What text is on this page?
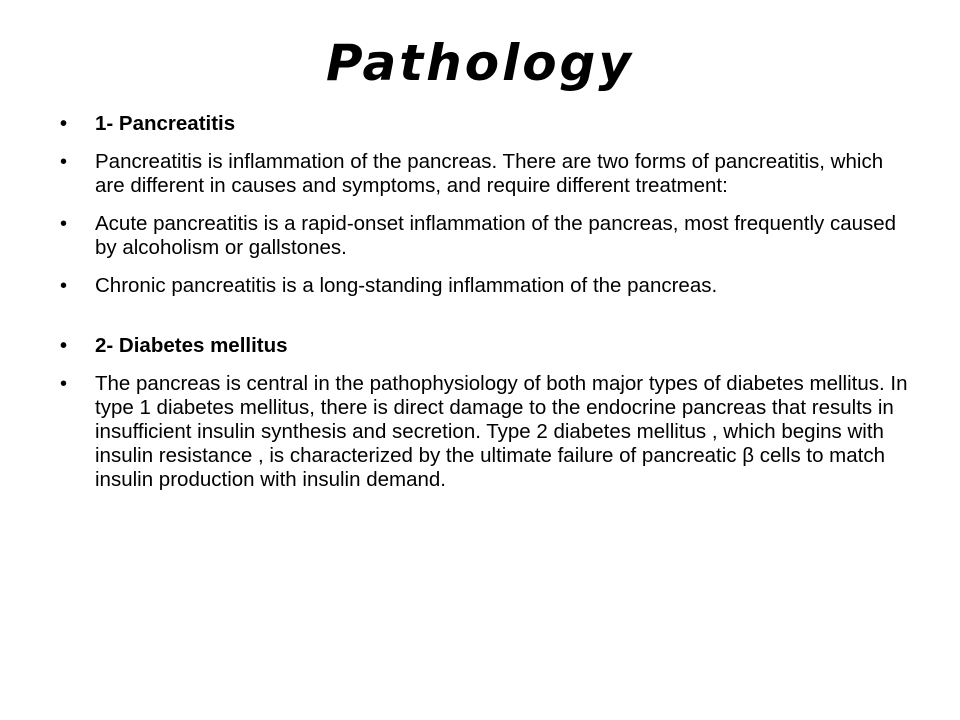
Pathology
• 1- Pancreatitis
• Pancreatitis is inflammation of the pancreas. There are two forms of pancreatitis, which are different in causes and symptoms, and require different treatment:
• Acute pancreatitis is a rapid-onset inflammation of the pancreas, most frequently caused by alcoholism or gallstones.
• Chronic pancreatitis is a long-standing inflammation of the pancreas.
• 2- Diabetes mellitus
• The pancreas is central in the pathophysiology of both major types of diabetes mellitus. In type 1 diabetes mellitus, there is direct damage to the endocrine pancreas that results in insufficient insulin synthesis and secretion. Type 2 diabetes mellitus , which begins with insulin resistance , is characterized by the ultimate failure of pancreatic β cells to match insulin production with insulin demand.
